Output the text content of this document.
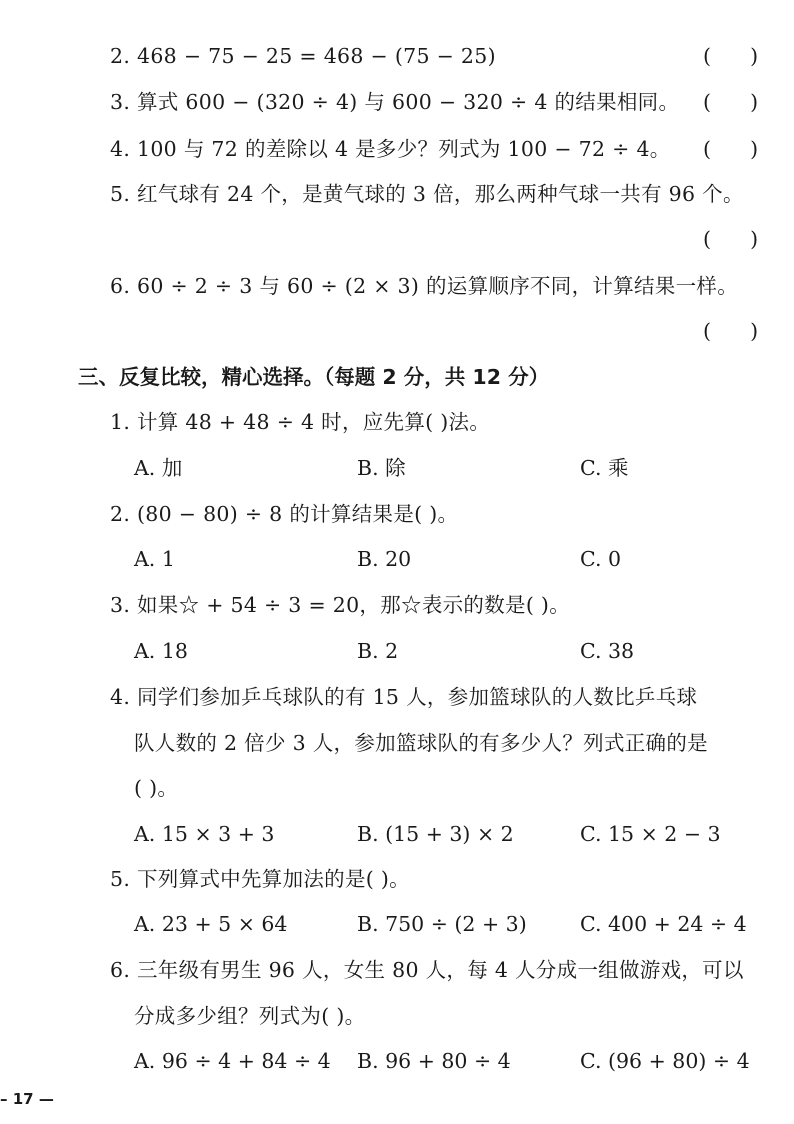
2. 468 − 75 − 25 = 468 − (75 − 25)	(      )
3. 算式 600 − (320 ÷ 4) 与 600 − 320 ÷ 4 的结果相同。 (      )
4. 100 与 72 的差除以 4 是多少？列式为 100 − 72 ÷ 4。 (      )
5. 红气球有 24 个，是黄气球的 3 倍，那么两种气球一共有 96 个。
(      )
6. 60 ÷ 2 ÷ 3 与 60 ÷ (2 × 3) 的运算顺序不同，计算结果一样。
(      )
三、反复比较，精心选择。（每题 2 分，共 12 分）
1. 计算 48 + 48 ÷ 4 时，应先算( )法。
A. 加	B. 除	C. 乘
2. (80 − 80) ÷ 8 的计算结果是( )。
A. 1	B. 20	C. 0
3. 如果☆ + 54 ÷ 3 = 20，那☆表示的数是( )。
A. 18	B. 2	C. 38
4. 同学们参加乒乓球队的有 15 人，参加篮球队的人数比乒乓球
队人数的 2 倍少 3 人，参加篮球队的有多少人？列式正确的是
( )。
A. 15 × 3 + 3	B. (15 + 3) × 2	C. 15 × 2 − 3
5. 下列算式中先算加法的是( )。
A. 23 + 5 × 64	B. 750 ÷ (2 + 3)	C. 400 + 24 ÷ 4
6. 三年级有男生 96 人，女生 80 人，每 4 人分成一组做游戏，可以
分成多少组？列式为( )。
A. 96 ÷ 4 + 84 ÷ 4 B. 96 + 80 ÷ 4	C. (96 + 80) ÷ 4
– 17 —
